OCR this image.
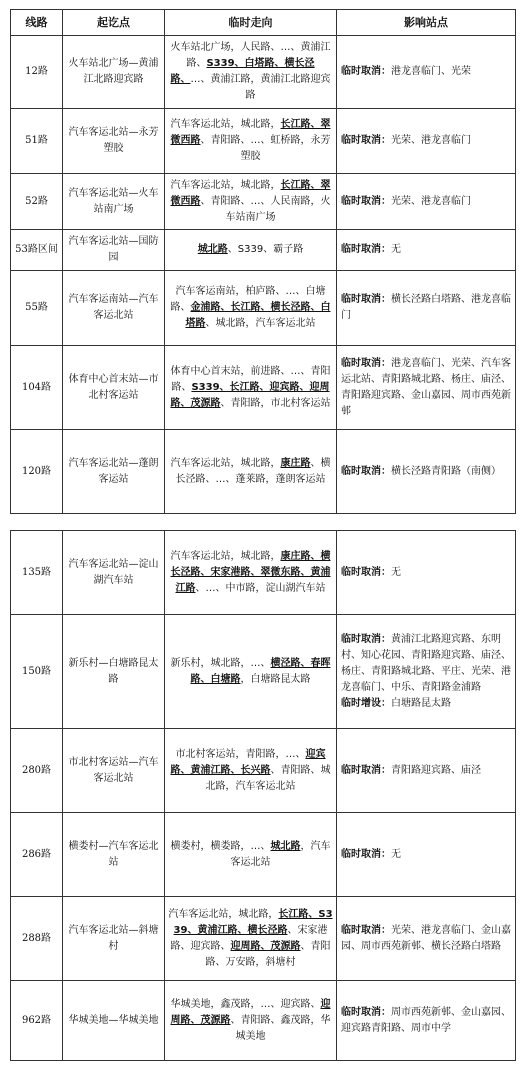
线路	起讫点	临时走向	影响站点
12路	火车站北广场—黄浦江北路迎宾路	火车站北广场，人民路、…、黄浦江路、S339、白塔路、横长泾路、…、黄浦江路，黄浦江北路迎宾路	临时取消：港龙喜临门、光荣

51路	汽车客运北站—永芳塑胶	汽车客运北站，城北路，长江路、翠微西路、青阳路、…、虹桥路，永芳塑胶	临时取消：光荣、港龙喜临门

52路	汽车客运北站—火车站南广场	汽车客运北站，城北路，长江路、翠微西路、青阳路、…、人民南路，火车站南广场	临时取消：光荣、港龙喜临门

53路区间	汽车客运北站—国防园	城北路、S339、霸子路	临时取消：无

55路	汽车客运南站—汽车客运北站	汽车客运南站，柏庐路、…、白塘路、金浦路、长江路、横长泾路、白塔路、城北路，汽车客运北站	临时取消：横长泾路白塔路、港龙喜临门

104路	体育中心首末站—市北村客运站	体育中心首末站，前进路、…、青阳路、S339、长江路、迎宾路、迎周路、茂源路、青阳路，市北村客运站	临时取消：港龙喜临门、光荣、汽车客运北站、青阳路城北路、杨庄、庙泾、青阳路迎宾路、金山嘉园、周市西苑新邨

120路	汽车客运北站—蓬朗客运站	汽车客运北站，城北路，康庄路、横长泾路、…、蓬莱路，蓬朗客运站	临时取消：横长泾路青阳路（南侧）
135路	汽车客运北站—淀山湖汽车站	汽车客运北站，城北路，康庄路、横长泾路、宋家港路、翠微东路、黄浦江路、…、中市路，淀山湖汽车站	临时取消：无

150路	新乐村—白塘路昆太路	新乐村，城北路，…、横泾路、春晖路、白塘路，白塘路昆太路	临时取消：黄浦江北路迎宾路、东明村、知心花园、青阳路迎宾路、庙泾、杨庄、青阳路城北路、平庄、光荣、港龙喜临门、中乐、青阳路金浦路
临时增设：白塘路昆太路

280路	市北村客运站—汽车客运北站	市北村客运站，青阳路，…、迎宾路、黄浦江路、长兴路、青阳路、城北路，汽车客运北站	临时取消：青阳路迎宾路、庙泾

286路	横娄村—汽车客运北站	横娄村，横娄路，…、城北路，汽车客运北站	临时取消：无

288路	汽车客运北站—斜塘村	汽车客运北站，城北路，长江路、S339、黄浦江路、横长泾路、宋家港路、迎宾路、迎周路、茂源路、青阳路、万安路，斜塘村	临时取消：光荣、港龙喜临门、金山嘉园、周市西苑新邨、横长泾路白塔路

962路	华城美地—华城美地	华城美地，鑫茂路，…、迎宾路、迎周路、茂源路、青阳路、鑫茂路，华城美地	临时取消：周市西苑新邨、金山嘉园、迎宾路青阳路、周市中学
